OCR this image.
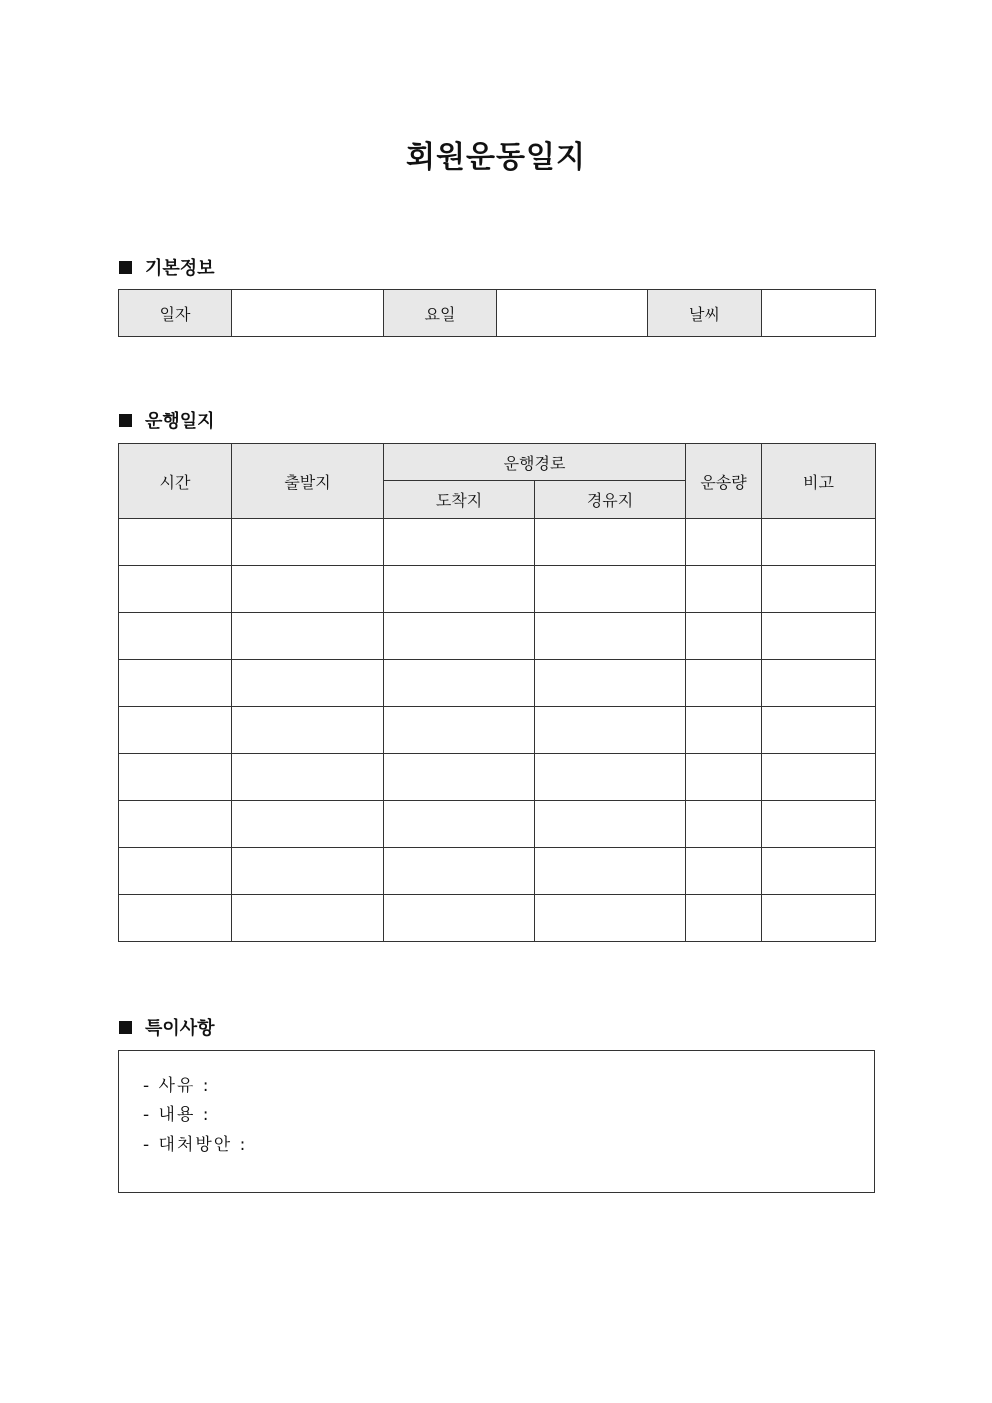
회원운동일지
기본정보
일자		요일		날씨	
운행일지
시간	출발지	운행경로		운송량	비고
		도착지	경유지		

특이사항
- 사유 :
- 내용 :
- 대처방안 :
